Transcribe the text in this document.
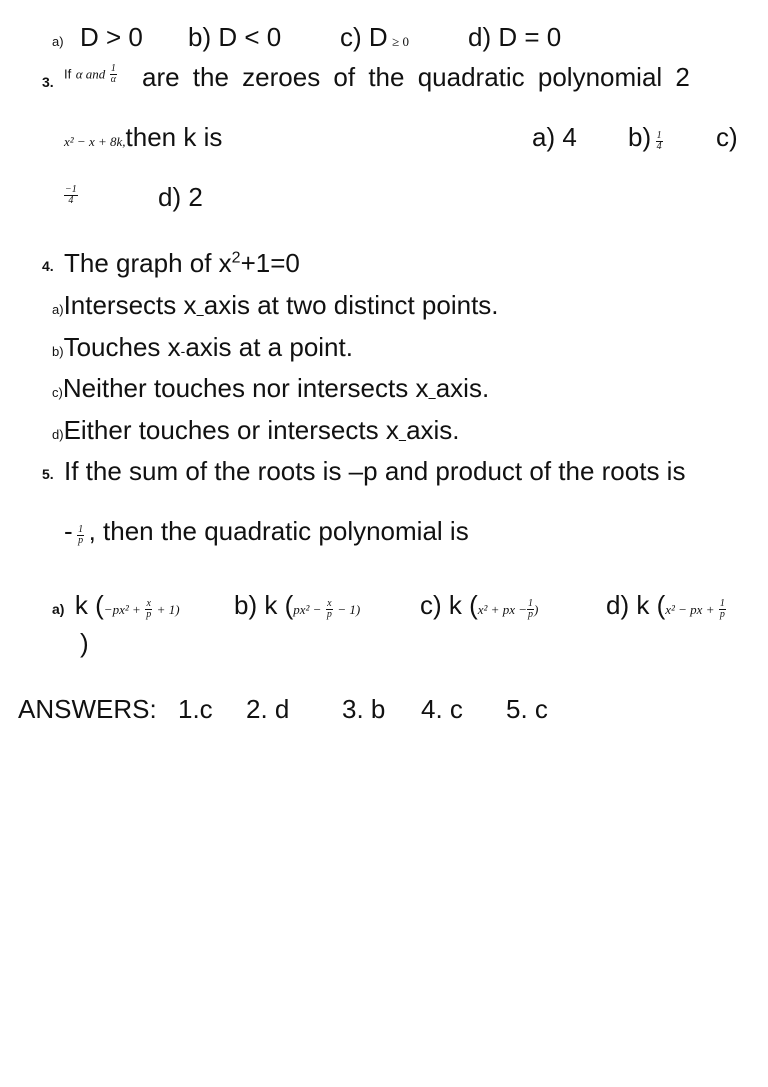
a) D > 0 b) D < 0 c) D ≥ 0 d) D = 0
3. If α and $\frac{1}{\alpha}$ are the zeroes of the quadratic polynomial 2
x² − x + 8k,then k is	a) 4 $b) \frac{1}{4} c$)
$\frac{-1}{4}$	d) 2
4. The graph of $x^2+1=0$
a)Intersects x axis at two distinct points.
b)Touches x-axis at a point.
c)Neither touches nor intersects x axis.
d)Either touches or intersects x axis.
5. If the sum of the roots is –p and product of the roots is
- $\frac{1}{p}$ , then the quadratic polynomial is
a) k $(-px^2 + \frac{x}{p} + 1)$
)
b) k $(px^2 - \frac{x}{p} - 1)$ c) k (x² + px − $\frac{1}{p}$ )	d) k (x² − px + $\frac{1}{p}$
ANSWERS: 1.c 2. d 3. b 4. c 5. c
